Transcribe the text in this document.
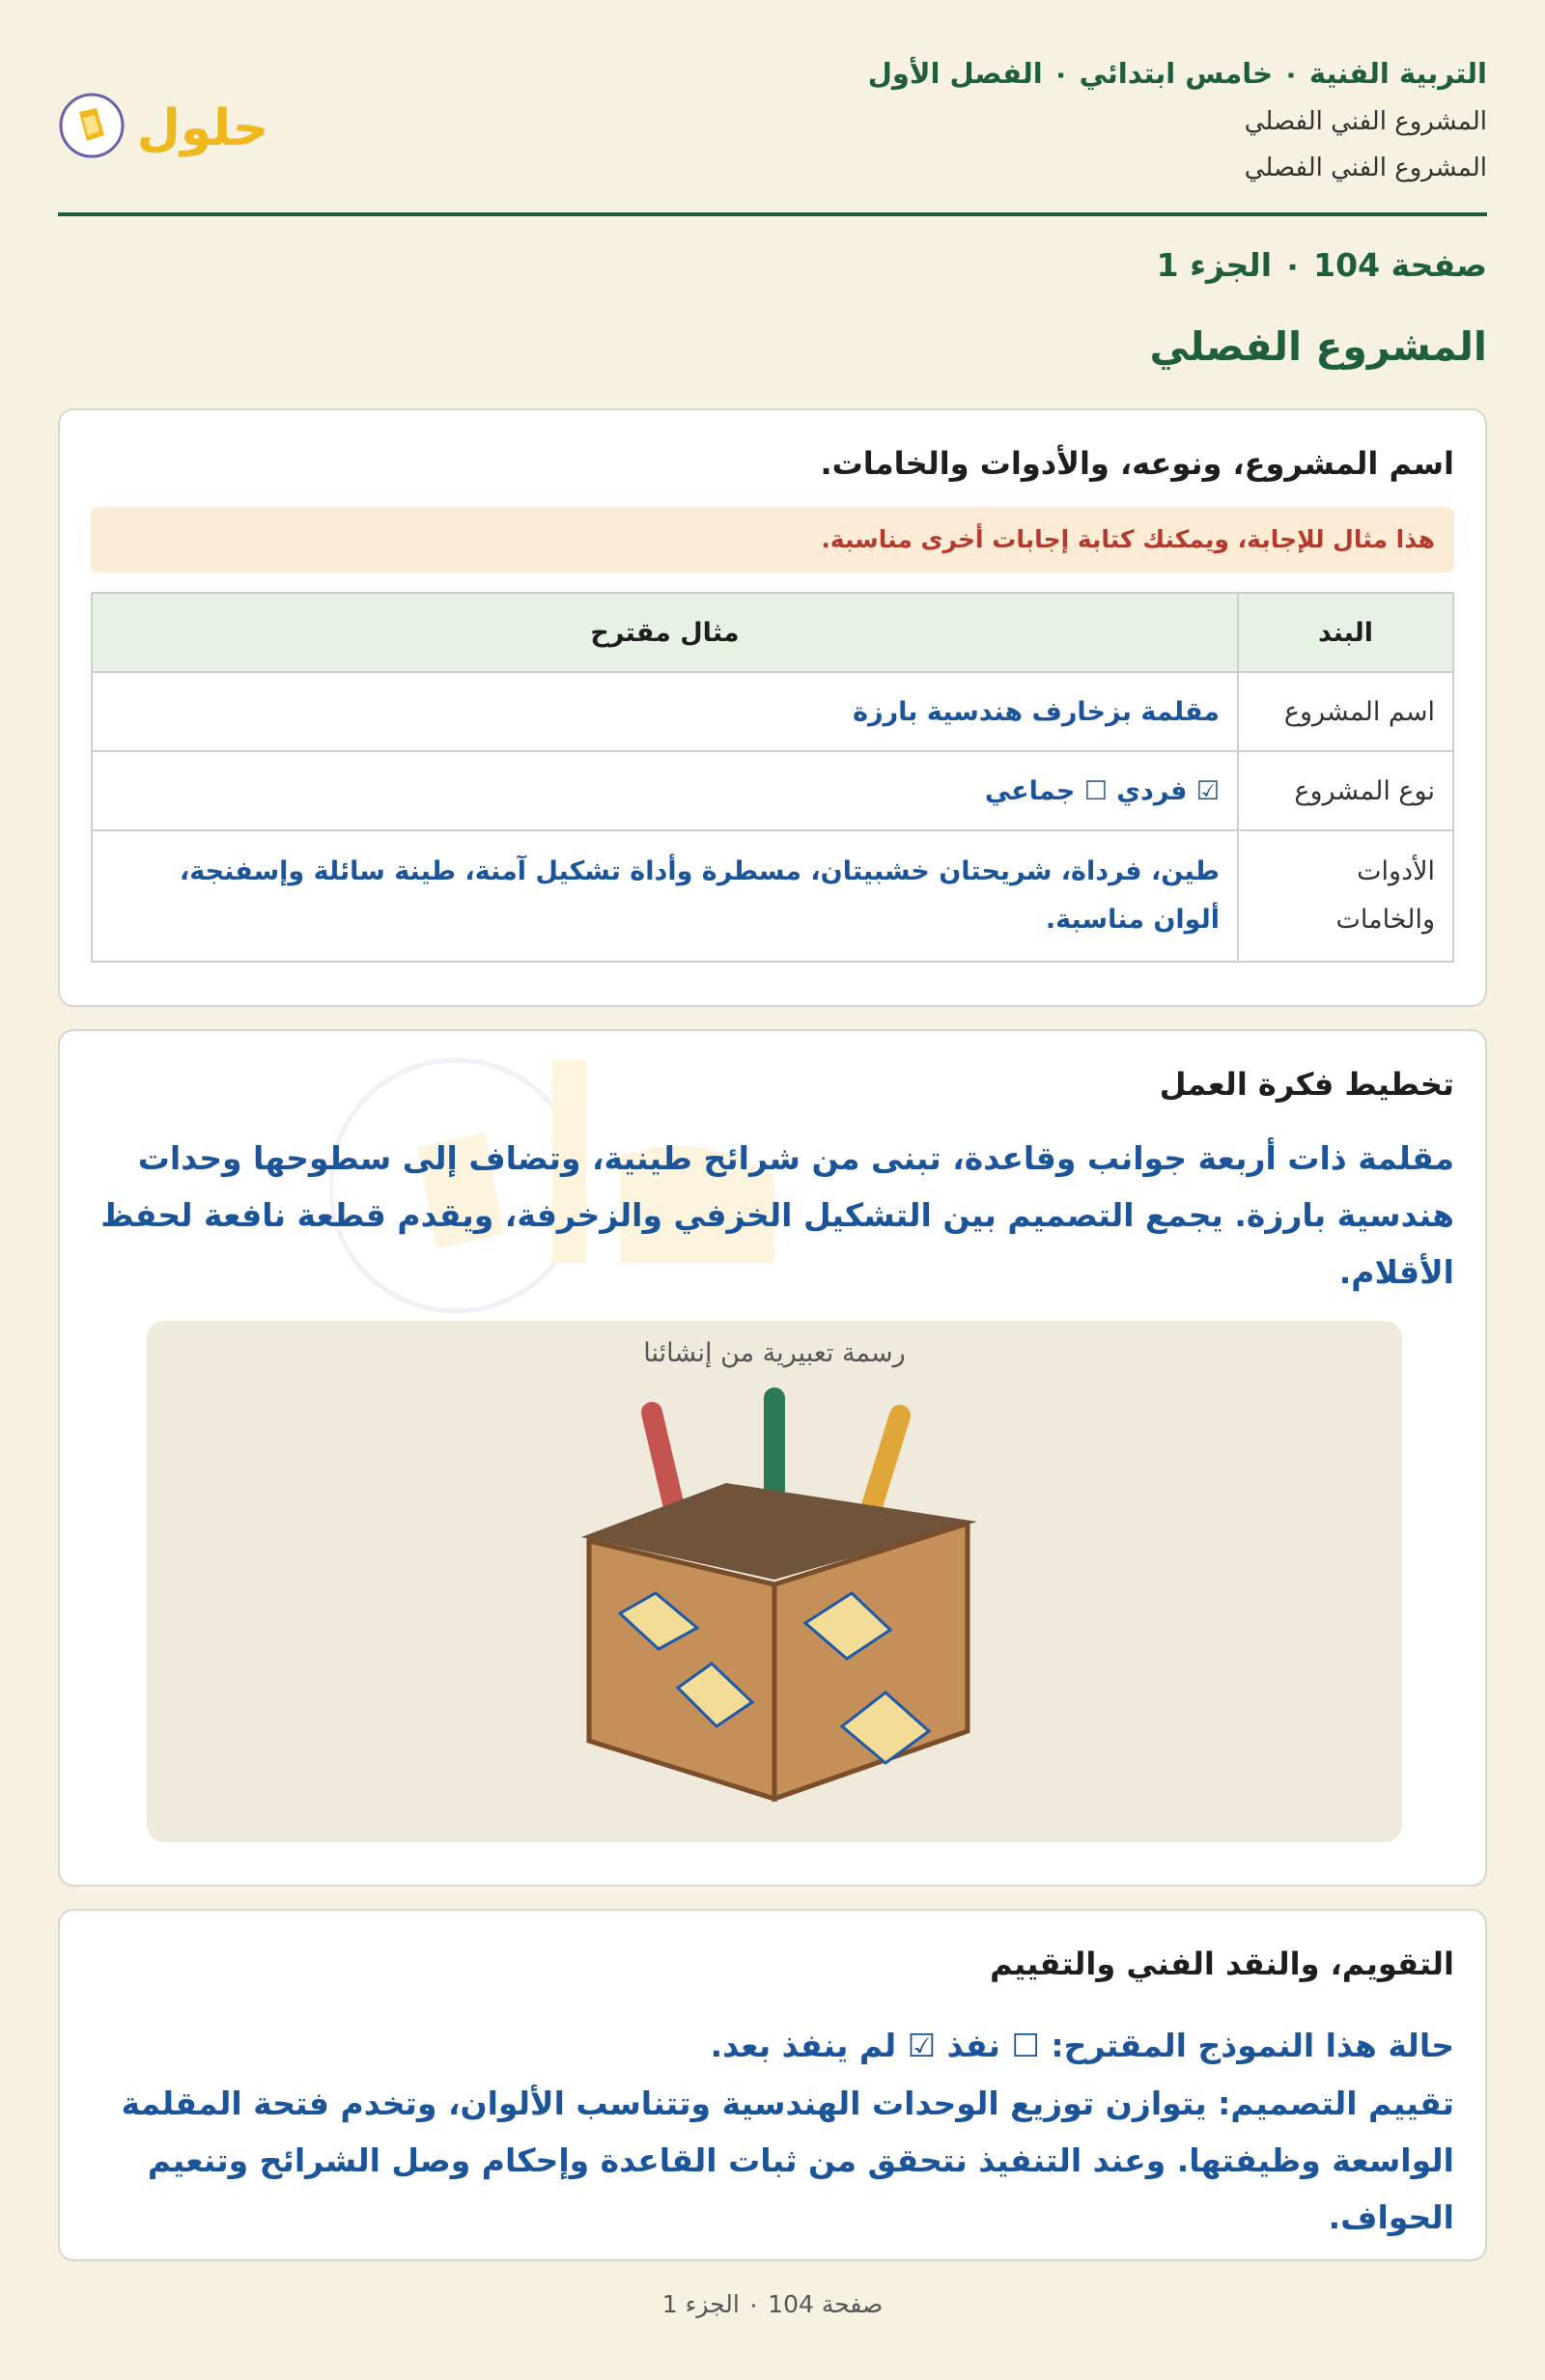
التربية الفنية ٠ خامس ابتدائي ٠ الفصل الأول
المشروع الفني الفصلي
المشروع الفني الفصلي
حلول
صفحة 104 ٠ الجزء 1
المشروع الفصلي
اسم المشروع، ونوعه، والأدوات والخامات.
هذا مثال للإجابة، ويمكنك كتابة إجابات أخرى مناسبة.
البند	مثال مقترح
اسم المشروع	مقلمة بزخارف هندسية بارزة
نوع المشروع	☑ فردي ☐ جماعي
الأدوات والخامات	طين، فرداة، شريحتان خشبيتان، مسطرة وأداة تشكيل آمنة، طينة سائلة وإسفنجة، ألوان مناسبة.
تخطيط فكرة العمل
مقلمة ذات أربعة جوانب وقاعدة، تبنى من شرائح طينية، وتضاف إلى سطوحها وحدات هندسية بارزة. يجمع التصميم بين التشكيل الخزفي والزخرفة، ويقدم قطعة نافعة لحفظ الأقلام.
رسمة تعبيرية من إنشائنا
التقويم، والنقد الفني والتقييم
حالة هذا النموذج المقترح: ☐ نفذ ☑ لم ينفذ بعد.
تقييم التصميم: يتوازن توزيع الوحدات الهندسية وتتناسب الألوان، وتخدم فتحة المقلمة الواسعة وظيفتها. وعند التنفيذ نتحقق من ثبات القاعدة وإحكام وصل الشرائح وتنعيم الحواف.
صفحة 104 ٠ الجزء 1
